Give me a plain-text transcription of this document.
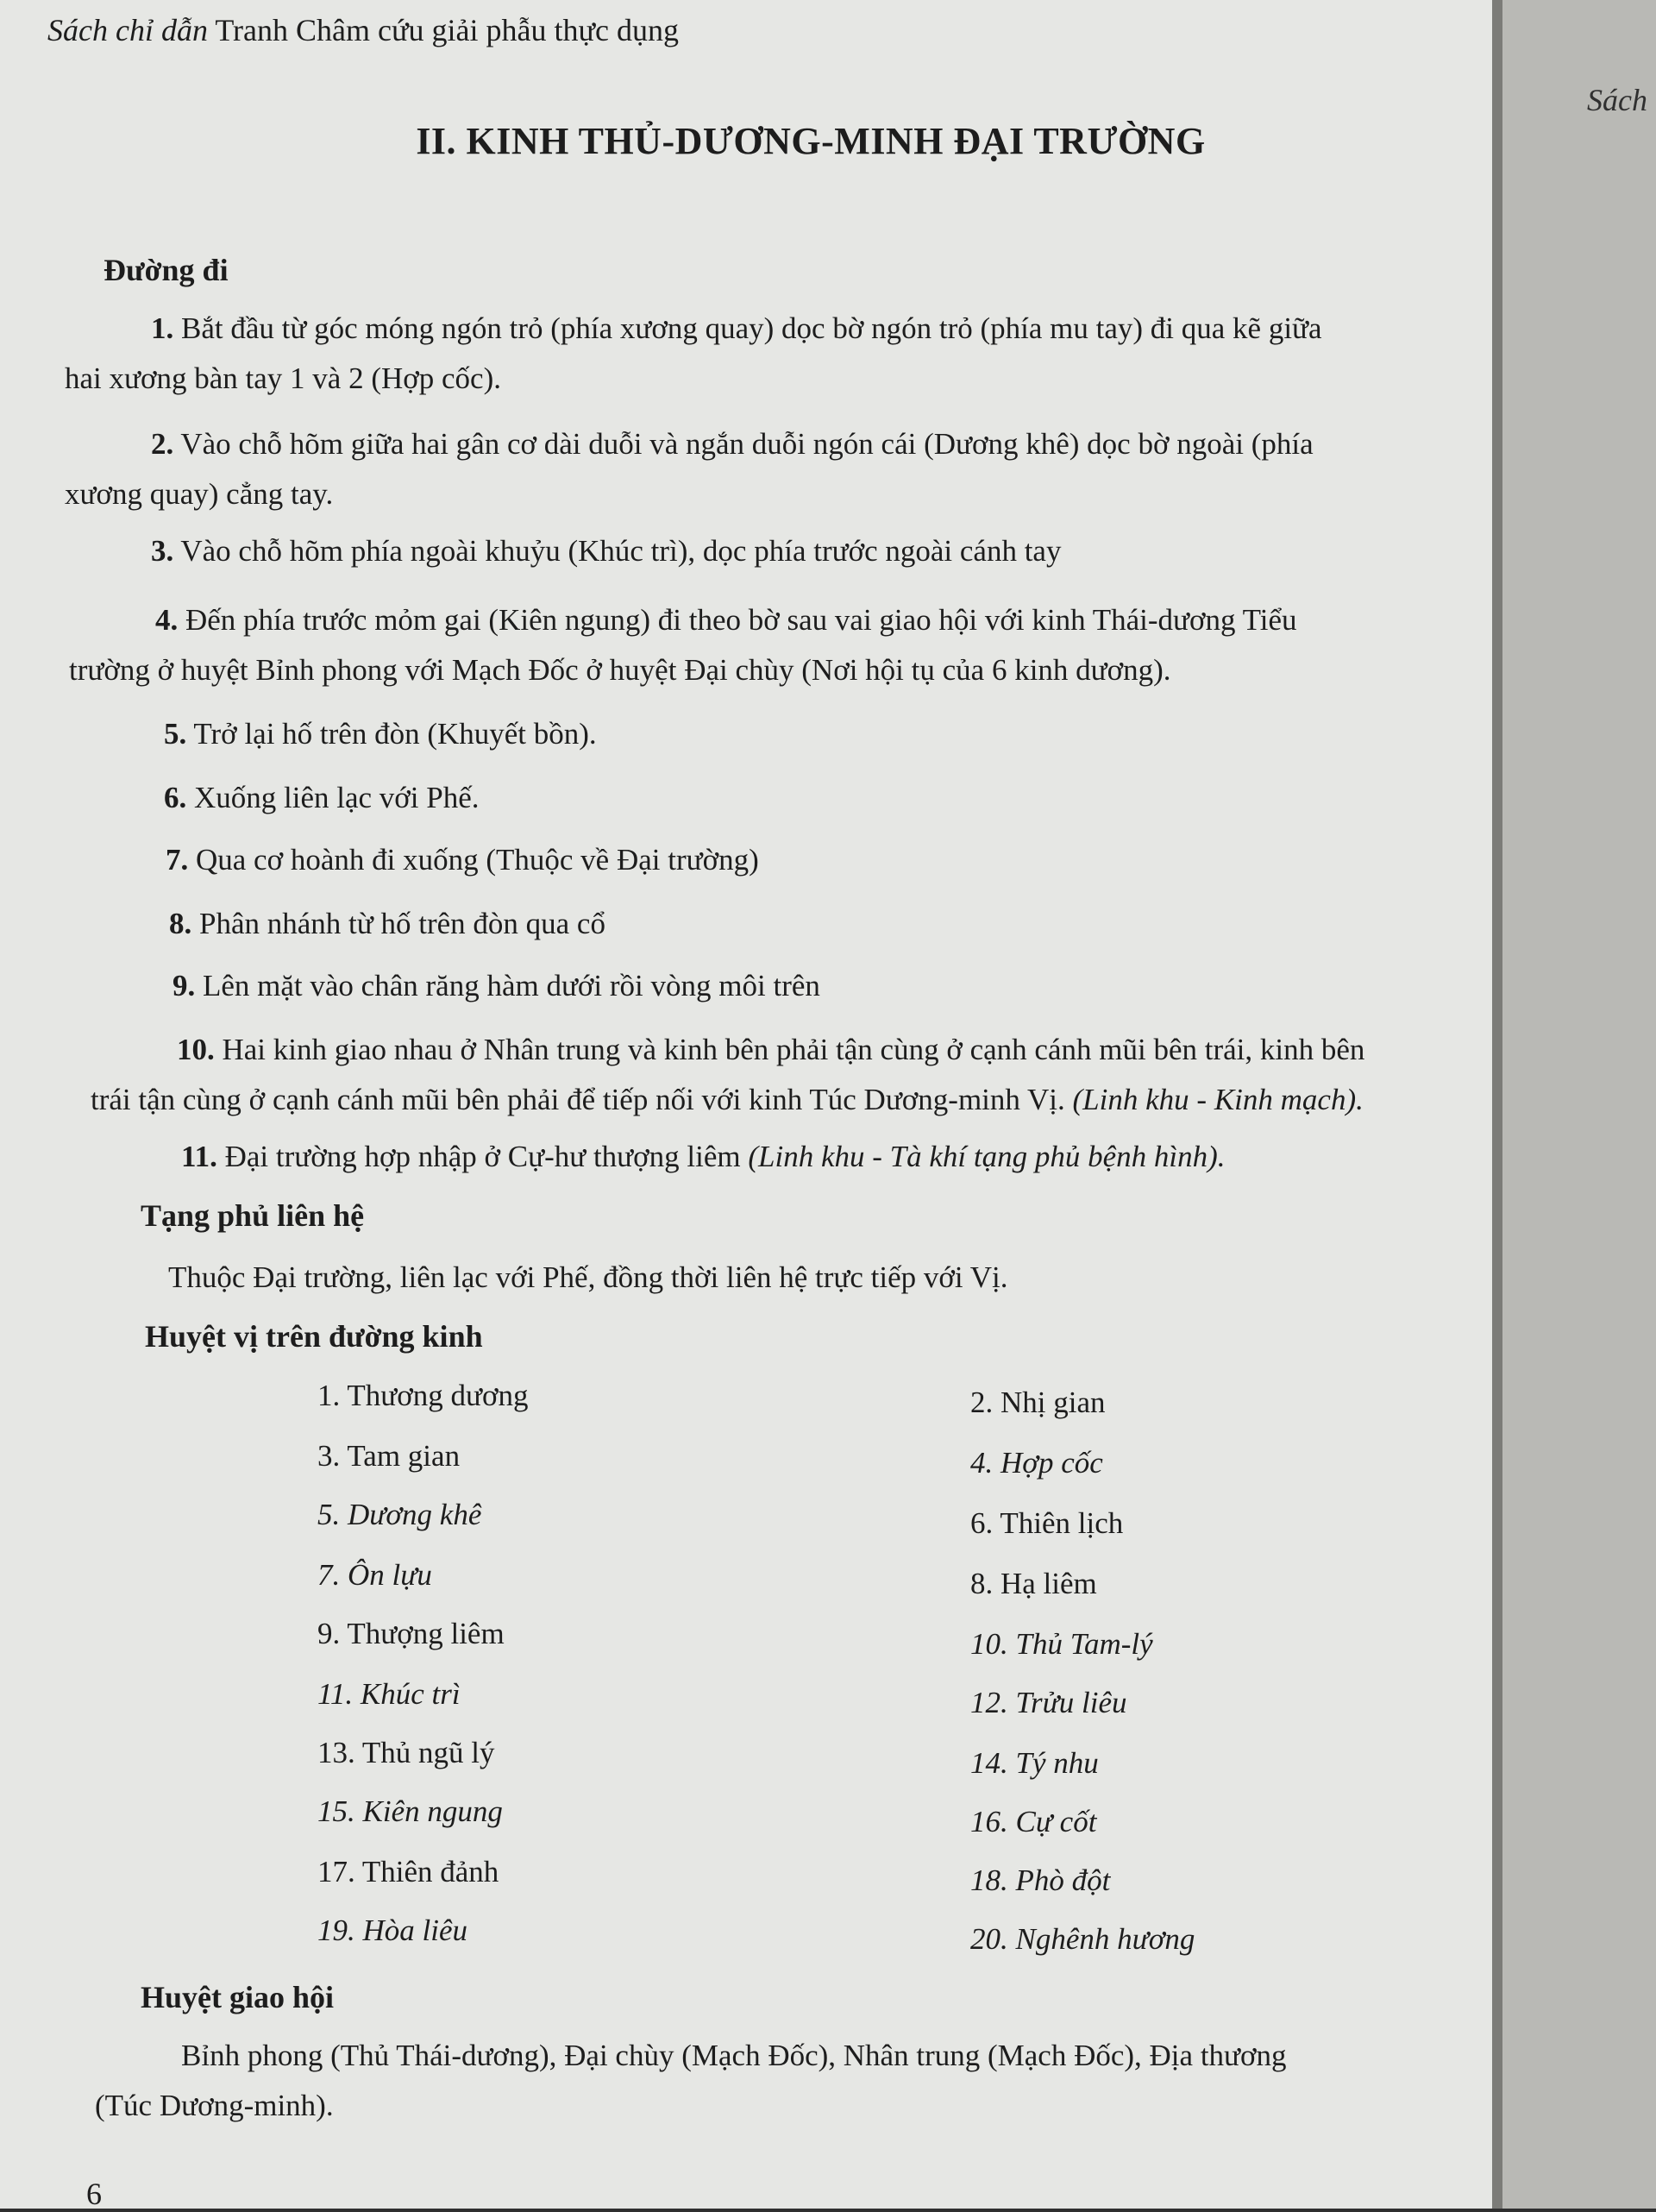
Sách chỉ dẫn Tranh Châm cứu giải phẫu thực dụng
II. KINH THỦ-DƯƠNG-MINH ĐẠI TRƯỜNG
Đường đi
1. Bắt đầu từ góc móng ngón trỏ (phía xương quay) dọc bờ ngón trỏ (phía mu tay) đi qua kẽ giữa
hai xương bàn tay 1 và 2 (Hợp cốc).
2. Vào chỗ hõm giữa hai gân cơ dài duỗi và ngắn duỗi ngón cái (Dương khê) dọc bờ ngoài (phía
xương quay) cẳng tay.
3. Vào chỗ hõm phía ngoài khuỷu (Khúc trì), dọc phía trước ngoài cánh tay
4. Đến phía trước mỏm gai (Kiên ngung) đi theo bờ sau vai giao hội với kinh Thái-dương Tiểu
trường ở huyệt Bỉnh phong với Mạch Đốc ở huyệt Đại chùy (Nơi hội tụ của 6 kinh dương).
5. Trở lại hố trên đòn (Khuyết bồn).
6. Xuống liên lạc với Phế.
7. Qua cơ hoành đi xuống (Thuộc về Đại trường)
8. Phân nhánh từ hố trên đòn qua cổ
9. Lên mặt vào chân răng hàm dưới rồi vòng môi trên
10. Hai kinh giao nhau ở Nhân trung và kinh bên phải tận cùng ở cạnh cánh mũi bên trái, kinh bên
trái tận cùng ở cạnh cánh mũi bên phải để tiếp nối với kinh Túc Dương-minh Vị. (Linh khu - Kinh mạch).
11. Đại trường hợp nhập ở Cự-hư thượng liêm (Linh khu - Tà khí tạng phủ bệnh hình).
Tạng phủ liên hệ
Thuộc Đại trường, liên lạc với Phế, đồng thời liên hệ trực tiếp với Vị.
Huyệt vị trên đường kinh
1. Thương dương
3. Tam gian
5. Dương khê
7. Ôn lựu
9. Thượng liêm
11. Khúc trì
13. Thủ ngũ lý
15. Kiên ngung
17. Thiên đảnh
19. Hòa liêu
2. Nhị gian
4. Hợp cốc
6. Thiên lịch
8. Hạ liêm
10. Thủ Tam-lý
12. Trửu liêu
14. Tý nhu
16. Cự cốt
18. Phò đột
20. Nghênh hương
Huyệt giao hội
Bỉnh phong (Thủ Thái-dương), Đại chùy (Mạch Đốc), Nhân trung (Mạch Đốc), Địa thương
(Túc Dương-minh).
6
Sách
